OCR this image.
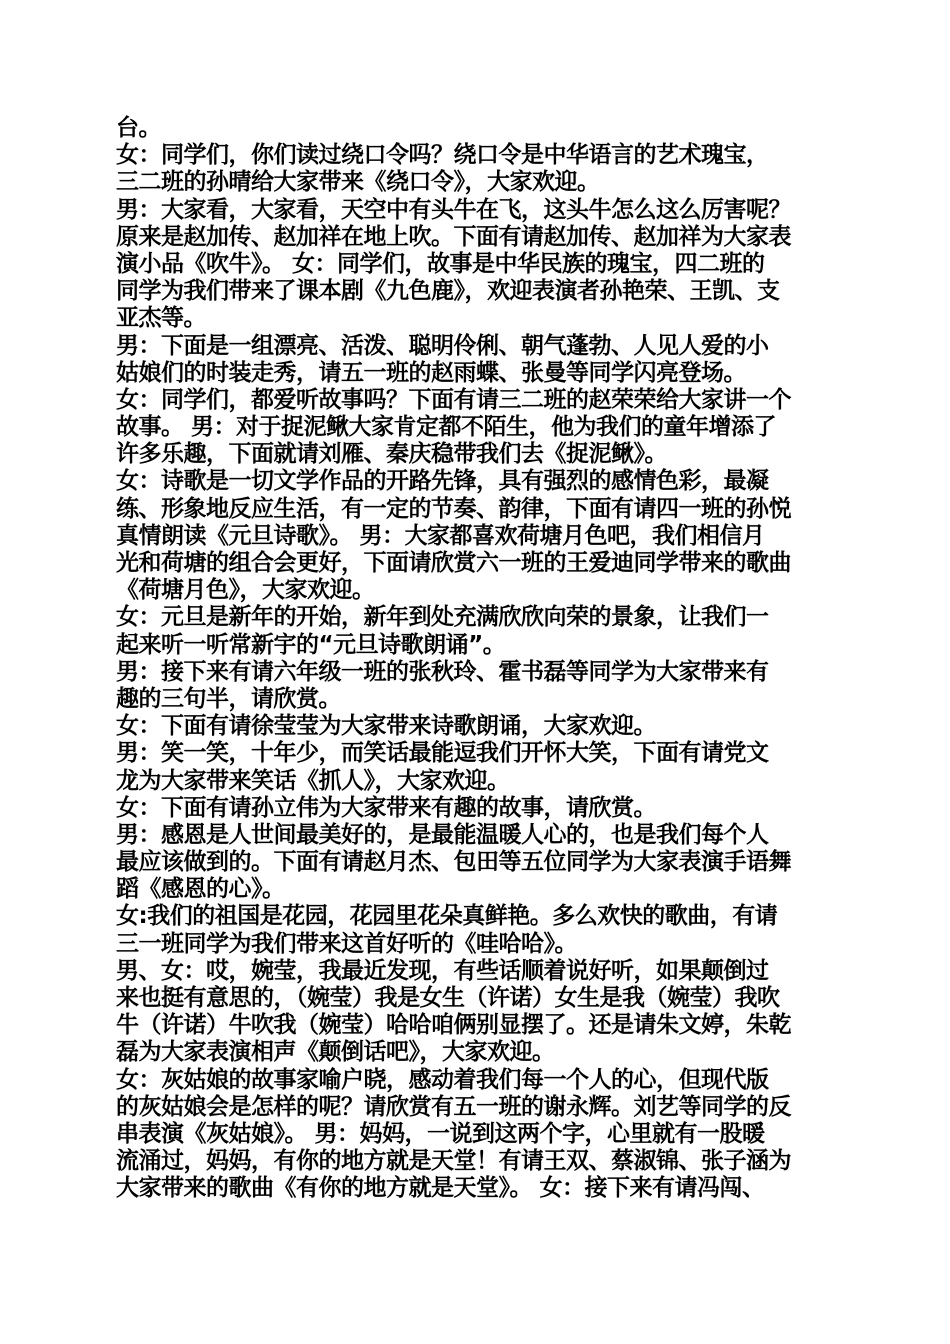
台。
女：同学们，你们读过绕口令吗？绕口令是中华语言的艺术瑰宝，
三二班的孙晴给大家带来《绕口令》，大家欢迎。
男：大家看，大家看，天空中有头牛在飞，这头牛怎么这么厉害呢？
原来是赵加传、赵加祥在地上吹。下面有请赵加传、赵加祥为大家表
演小品《吹牛》。 女：同学们，故事是中华民族的瑰宝，四二班的
同学为我们带来了课本剧《九色鹿》，欢迎表演者孙艳荣、王凯、支
亚杰等。
男：下面是一组漂亮、活泼、聪明伶俐、朝气蓬勃、人见人爱的小
姑娘们的时装走秀，请五一班的赵雨蝶、张曼等同学闪亮登场。
女：同学们，都爱听故事吗？下面有请三二班的赵荣荣给大家讲一个
故事。 男：对于捉泥鳅大家肯定都不陌生，他为我们的童年增添了
许多乐趣，下面就请刘雁、秦庆稳带我们去《捉泥鳅》。
女：诗歌是一切文学作品的开路先锋，具有强烈的感情色彩，最凝
练、形象地反应生活，有一定的节奏、韵律，下面有请四一班的孙悦
真情朗读《元旦诗歌》。 男：大家都喜欢荷塘月色吧，我们相信月
光和荷塘的组合会更好，下面请欣赏六一班的王爱迪同学带来的歌曲
《荷塘月色》，大家欢迎。
女：元旦是新年的开始，新年到处充满欣欣向荣的景象，让我们一
起来听一听常新宇的“元旦诗歌朗诵”。
男：接下来有请六年级一班的张秋玲、霍书磊等同学为大家带来有
趣的三句半，请欣赏。
女：下面有请徐莹莹为大家带来诗歌朗诵，大家欢迎。
男：笑一笑，十年少，而笑话最能逗我们开怀大笑，下面有请党文
龙为大家带来笑话《抓人》，大家欢迎。
女：下面有请孙立伟为大家带来有趣的故事，请欣赏。
男：感恩是人世间最美好的，是最能温暖人心的，也是我们每个人
最应该做到的。下面有请赵月杰、包田等五位同学为大家表演手语舞
蹈《感恩的心》。
女:我们的祖国是花园，花园里花朵真鲜艳。多么欢快的歌曲，有请
三一班同学为我们带来这首好听的《哇哈哈》。
男、女：哎，婉莹，我最近发现，有些话顺着说好听，如果颠倒过
来也挺有意思的，（婉莹）我是女生（许诺）女生是我（婉莹）我吹
牛（许诺）牛吹我（婉莹）哈哈咱俩别显摆了。还是请朱文婷，朱乾
磊为大家表演相声《颠倒话吧》，大家欢迎。
女：灰姑娘的故事家喻户晓，感动着我们每一个人的心，但现代版
的灰姑娘会是怎样的呢？请欣赏有五一班的谢永辉。刘艺等同学的反
串表演《灰姑娘》。 男：妈妈，一说到这两个字，心里就有一股暖
流涌过，妈妈，有你的地方就是天堂！有请王双、蔡淑锦、张子涵为
大家带来的歌曲《有你的地方就是天堂》。 女：接下来有请冯闯、
